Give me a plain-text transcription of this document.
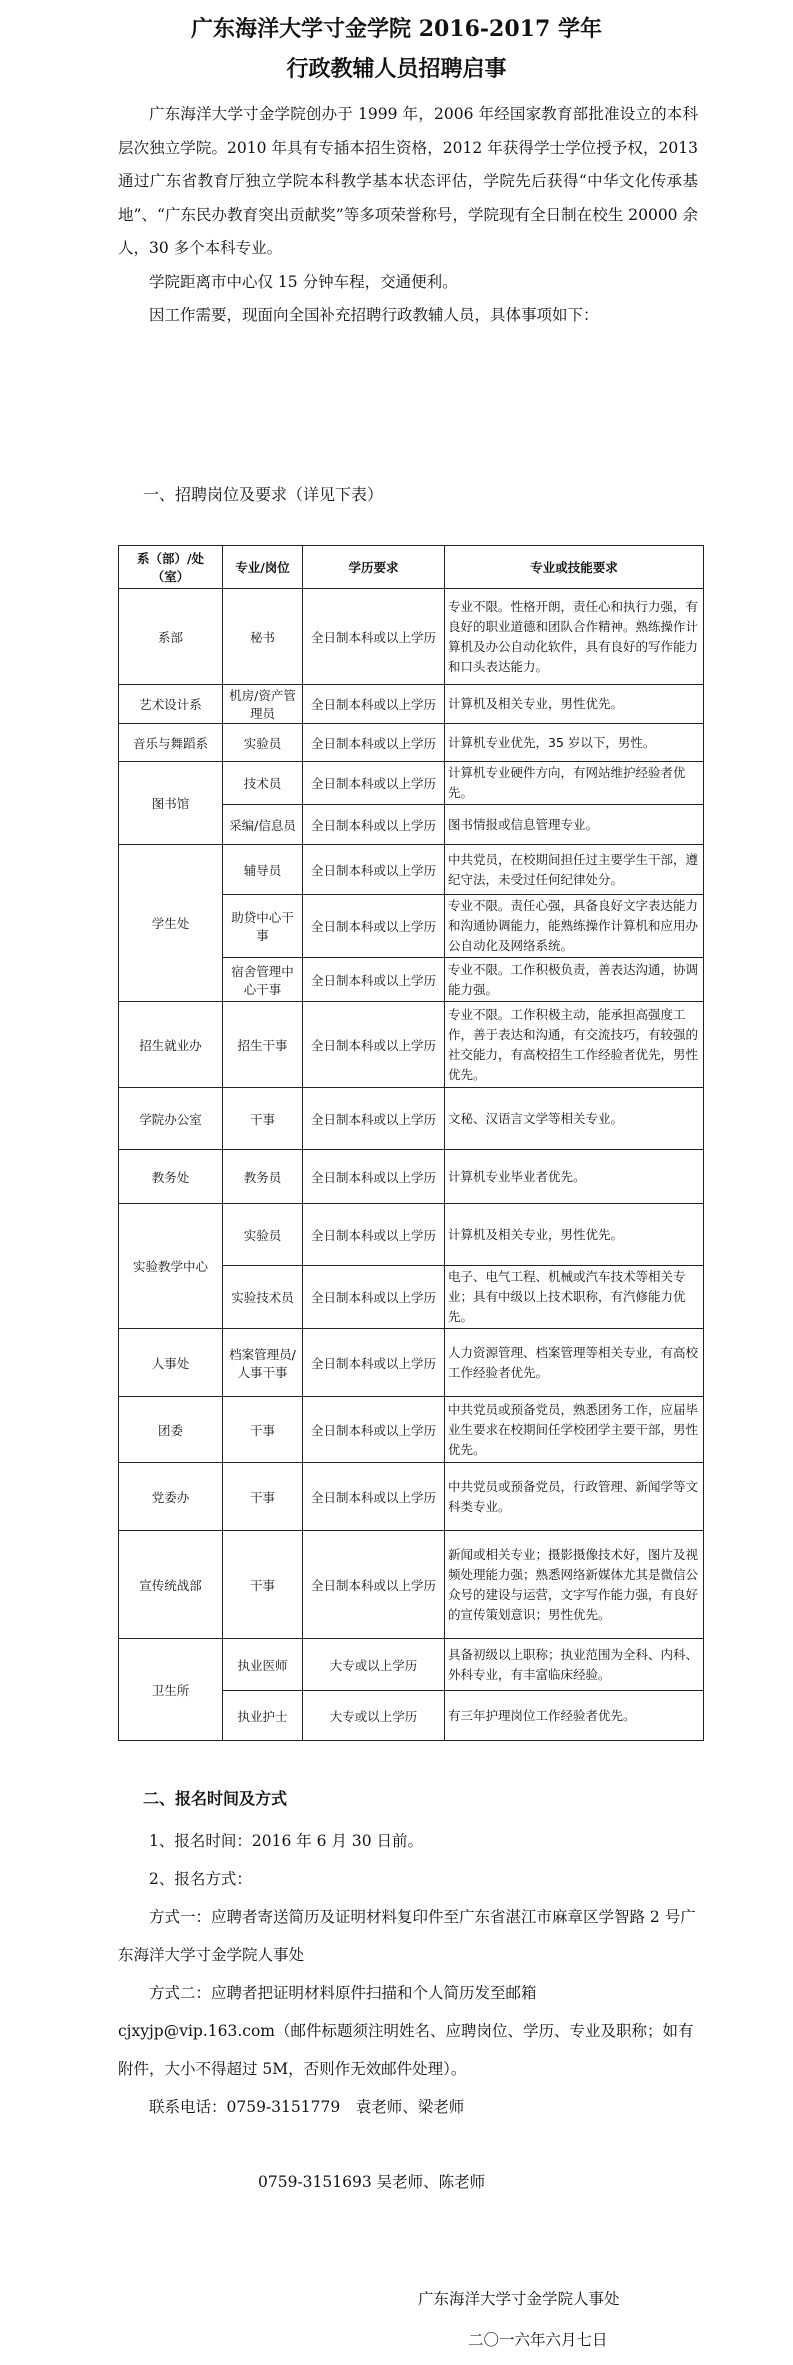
广东海洋大学寸金学院 2016-2017 学年
行政教辅人员招聘启事

广东海洋大学寸金学院创办于 1999 年，2006 年经国家教育部批准设立的本科层次独立学院。2010 年具有专插本招生资格，2012 年获得学士学位授予权，2013 通过广东省教育厅独立学院本科教学基本状态评估，学院先后获得“中华文化传承基地”、“广东民办教育突出贡献奖”等多项荣誉称号，学院现有全日制在校生 20000 余人，30 多个本科专业。

学院距离市中心仅 15 分钟车程，交通便利。

因工作需要，现面向全国补充招聘行政教辅人员，具体事项如下：

一、招聘岗位及要求（详见下表）
系（部）/处（室）	专业/岗位	学历要求	专业或技能要求
系部	秘书	全日制本科或以上学历	专业不限。性格开朗，责任心和执行力强，有良好的职业道德和团队合作精神。熟练操作计算机及办公自动化软件，具有良好的写作能力和口头表达能力。
艺术设计系	机房/资产管理员	全日制本科或以上学历	计算机及相关专业，男性优先。
音乐与舞蹈系	实验员	全日制本科或以上学历	计算机专业优先，35 岁以下，男性。
图书馆	技术员	全日制本科或以上学历	计算机专业硬件方向，有网站维护经验者优先。
	采编/信息员	全日制本科或以上学历	图书情报或信息管理专业。
学生处	辅导员	全日制本科或以上学历	中共党员，在校期间担任过主要学生干部，遵纪守法，未受过任何纪律处分。
	助贷中心干事	全日制本科或以上学历	专业不限。责任心强，具备良好文字表达能力和沟通协调能力，能熟练操作计算机和应用办公自动化及网络系统。
	宿舍管理中心干事	全日制本科或以上学历	专业不限。工作积极负责，善表达沟通，协调能力强。
招生就业办	招生干事	全日制本科或以上学历	专业不限。工作积极主动，能承担高强度工作，善于表达和沟通，有交流技巧，有较强的社交能力，有高校招生工作经验者优先，男性优先。
学院办公室	干事	全日制本科或以上学历	文秘、汉语言文学等相关专业。
教务处	教务员	全日制本科或以上学历	计算机专业毕业者优先。
实验教学中心	实验员	全日制本科或以上学历	计算机及相关专业，男性优先。
	实验技术员	全日制本科或以上学历	电子、电气工程、机械或汽车技术等相关专业；具有中级以上技术职称，有汽修能力优先。
人事处	档案管理员/人事干事	全日制本科或以上学历	人力资源管理、档案管理等相关专业，有高校工作经验者优先。
团委	干事	全日制本科或以上学历	中共党员或预备党员，熟悉团务工作，应届毕业生要求在校期间任学校团学主要干部，男性优先。
党委办	干事	全日制本科或以上学历	中共党员或预备党员，行政管理、新闻学等文科类专业。
宣传统战部	干事	全日制本科或以上学历	新闻或相关专业；摄影摄像技术好，图片及视频处理能力强；熟悉网络新媒体尤其是微信公众号的建设与运营，文字写作能力强，有良好的宣传策划意识；男性优先。
卫生所	执业医师	大专或以上学历	具备初级以上职称；执业范围为全科、内科、外科专业，有丰富临床经验。
	执业护士	大专或以上学历	有三年护理岗位工作经验者优先。
二、报名时间及方式

1、报名时间：2016 年 6 月 30 日前。

2、报名方式：

方式一：应聘者寄送简历及证明材料复印件至广东省湛江市麻章区学智路 2 号广东海洋大学寸金学院人事处

方式二：应聘者把证明材料原件扫描和个人简历发至邮箱 cjxyjp@vip.163.com（邮件标题须注明姓名、应聘岗位、学历、专业及职称；如有附件，大小不得超过 5M，否则作无效邮件处理）。

联系电话：0759-3151779　袁老师、梁老师

0759-3151693 吴老师、陈老师
广东海洋大学寸金学院人事处
二〇一六年六月七日
